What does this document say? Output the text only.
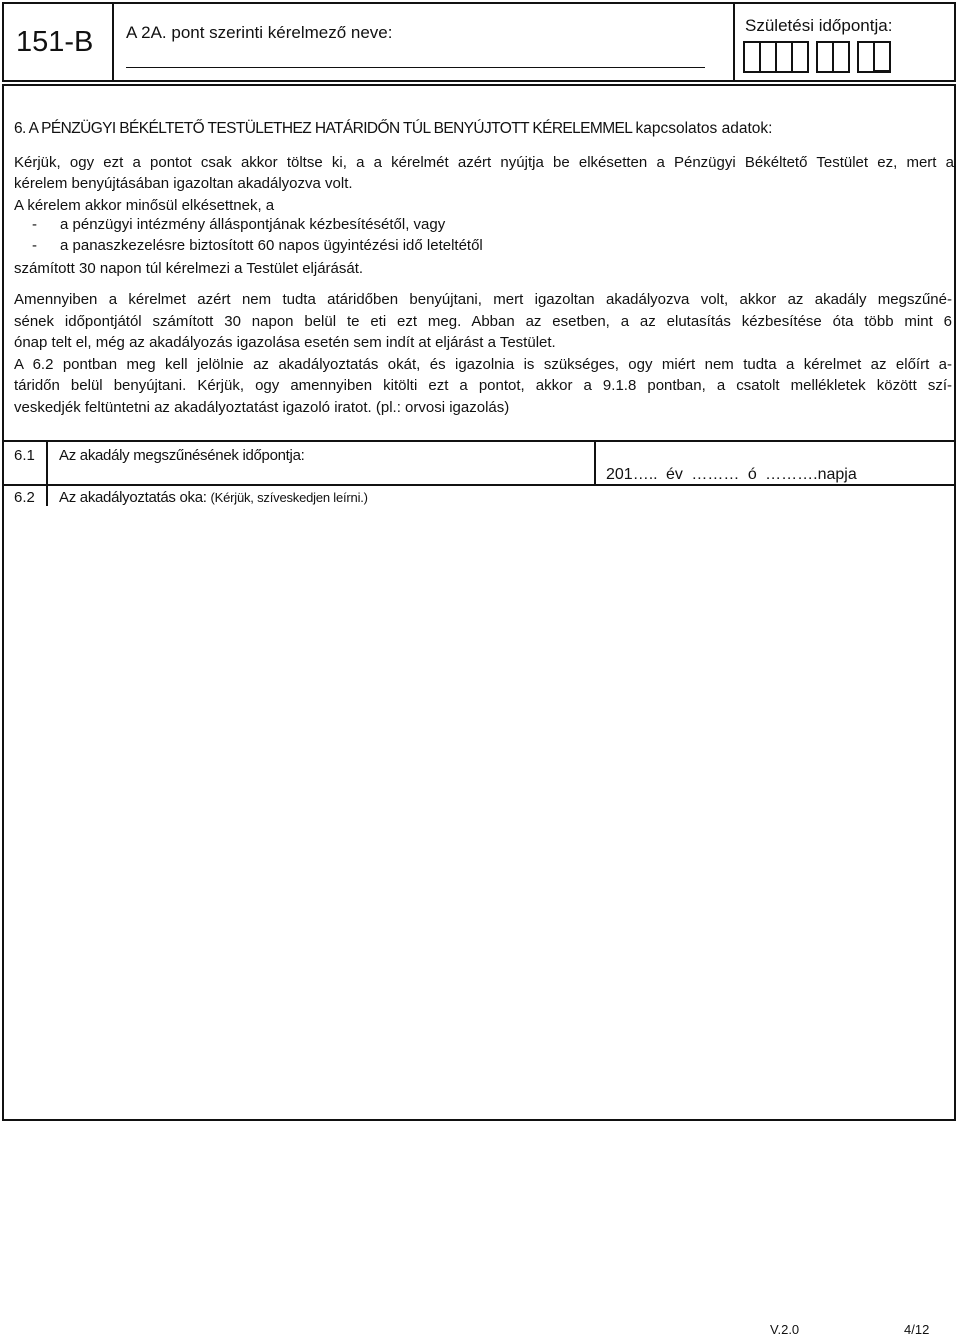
151-B	A 2A. pont szerinti kérelmező neve:	Születési időpontja:
6. A PÉNZÜGYI BÉKÉLTETŐ TESTÜLETHEZ HATÁRIDŐN TÚL BENYÚJTOTT KÉRELEMMEL kapcsolatos adatok:
Kérjük, ogy ezt a pontot csak akkor töltse ki, a a kérelmét azért nyújtja be elkésetten a Pénzügyi Békéltető Testület ez, mert a
kérelem benyújtásában igazoltan akadályozva volt.
A kérelem akkor minősül elkésettnek, a
- a pénzügyi intézmény álláspontjának kézbesítésétől, vagy
- a panaszkezelésre biztosított 60 napos ügyintézési idő leteltétől
számított 30 napon túl kérelmezi a Testület eljárását.
Amennyiben a kérelmet azért nem tudta atáridőben benyújtani, mert igazoltan akadályozva volt, akkor az akadály megszűné-
sének időpontjától számított 30 napon belül te eti ezt meg. Abban az esetben, a az elutasítás kézbesítése óta több mint 6
ónap telt el, még az akadályozás igazolása esetén sem indít at eljárást a Testület.
A 6.2 pontban meg kell jelölnie az akadályoztatás okát, és igazolnia is szükséges, ogy miért nem tudta a kérelmet az előírt a-
táridőn belül benyújtani. Kérjük, ogy amennyiben kitölti ezt a pontot, akkor a 9.1.8 pontban, a csatolt mellékletek között szí-
veskedjék feltüntetni az akadályoztatást igazoló iratot. (pl.: orvosi igazolás)
6.1 Az akadály megszűnésének időpontja:
201….. év ……… ó ……….napja
6.2 Az akadályoztatás oka: (Kérjük, szíveskedjen leírni.)
V.2.0	4/12
